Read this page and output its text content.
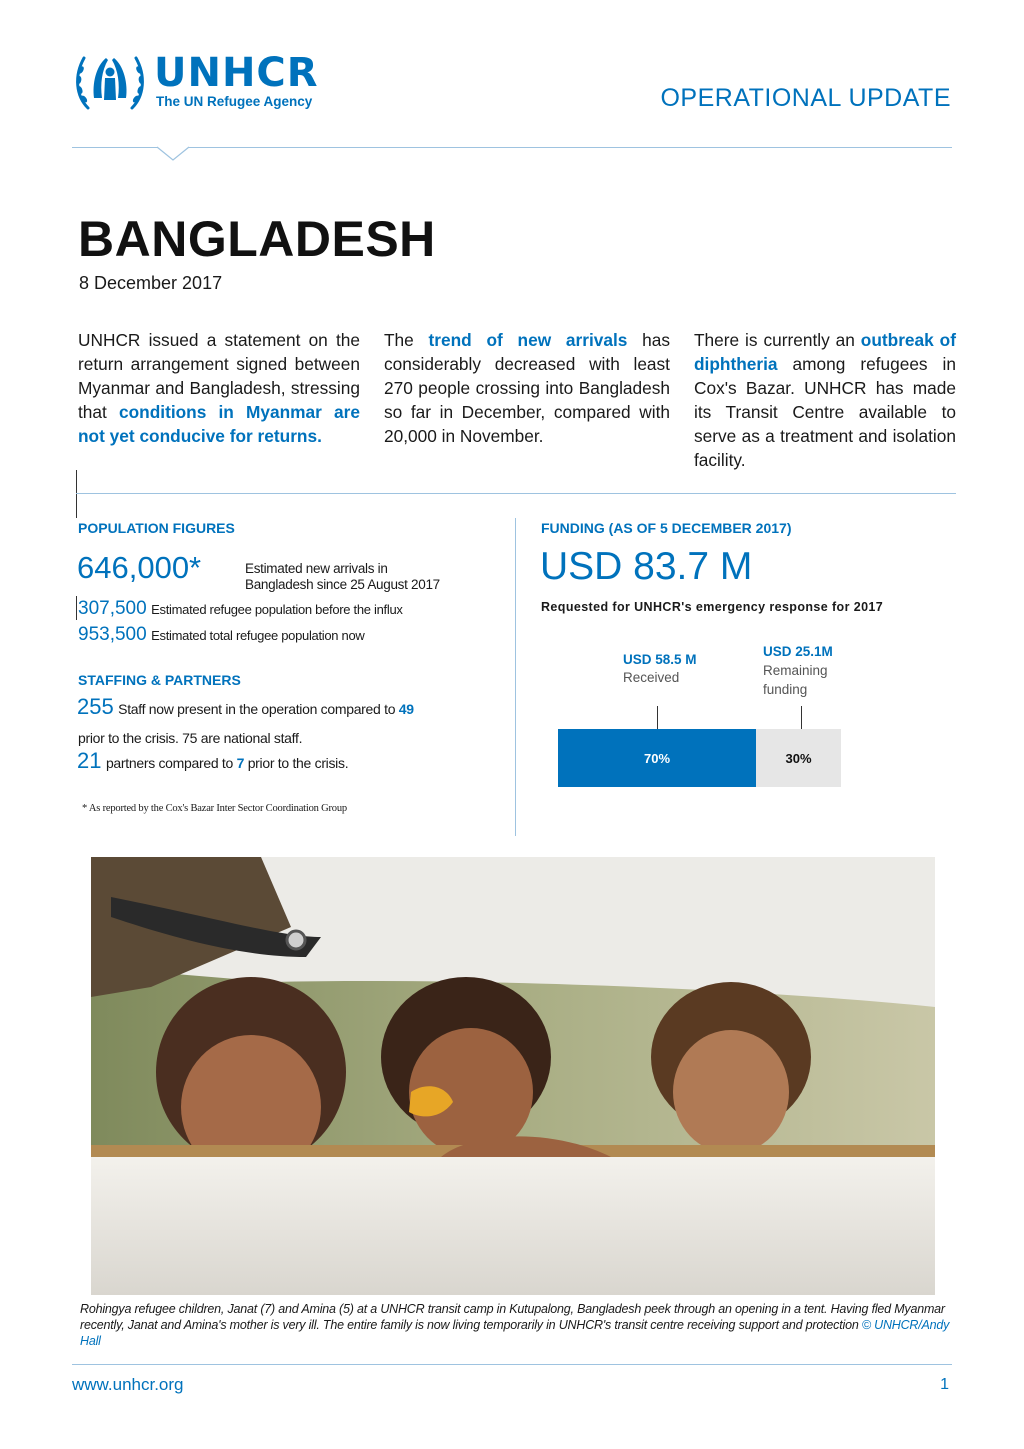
UNHCR
The UN Refugee Agency	OPERATIONAL UPDATE
BANGLADESH
8 December 2017
UNHCR issued a statement on the return arrangement signed between Myanmar and Bangladesh, stressing that conditions in Myanmar are not yet conducive for returns.
The trend of new arrivals has considerably decreased with least 270 people crossing into Bangladesh so far in December, compared with 20,000 in November.
There is currently an outbreak of diphtheria among refugees in Cox's Bazar. UNHCR has made its Transit Centre available to serve as a treatment and isolation facility.
POPULATION FIGURES
646,000*	Estimated new arrivals in
Bangladesh since 25 August 2017
307,500 Estimated refugee population before the influx
953,500 Estimated total refugee population now
STAFFING & PARTNERS
255 Staff now present in the operation compared to 49
prior to the crisis. 75 are national staff.
21 partners compared to 7 prior to the crisis.
* As reported by the Cox's Bazar Inter Sector Coordination Group
FUNDING (AS OF 5 DECEMBER 2017)
USD 83.7 M
Requested for UNHCR's emergency response for 2017
USD 58.5 M
Received
USD 25.1M
Remaining
funding
70%	30%
Rohingya refugee children, Janat (7) and Amina (5) at a UNHCR transit camp in Kutupalong, Bangladesh peek through an opening in a tent. Having fled Myanmar recently, Janat and Amina's mother is very ill. The entire family is now living temporarily in UNHCR's transit centre receiving support and protection © UNHCR/Andy Hall
www.unhcr.org	1
